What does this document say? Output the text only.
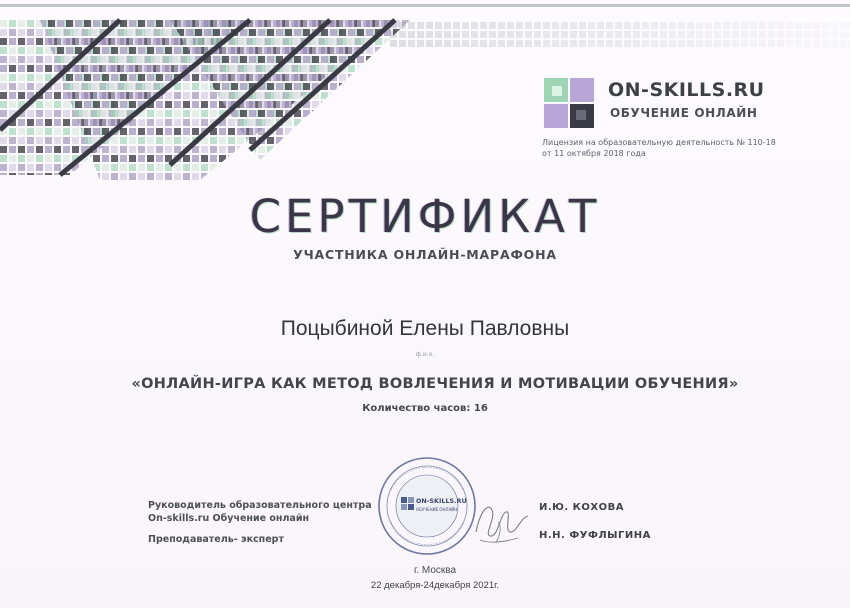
ON-SKILLS.RU
ОБУЧЕНИЕ ОНЛАЙН
Лицензия на образовательную деятельность № 110-18
от 11 октября 2018 года
СЕРТИФИКАТ
УЧАСТНИКА ОНЛАЙН-МАРАФОНА
Поцыбиной Елены Павловны
ф.и.о.
«ОНЛАЙН-ИГРА КАК МЕТОД ВОВЛЕЧЕНИЯ И МОТИВАЦИИ ОБУЧЕНИЯ»
Количество часов: 16
Руководитель образовательного центра
On-skills.ru Обучение онлайн
Преподаватель- эксперт
И.Ю. КОХОВА
Н.Н. ФУФЛЫГИНА
ON-SKILLS.RU
ОБУЧЕНИЕ ОНЛАЙН
г. Москва
22 декабря-24декабря 2021г.
